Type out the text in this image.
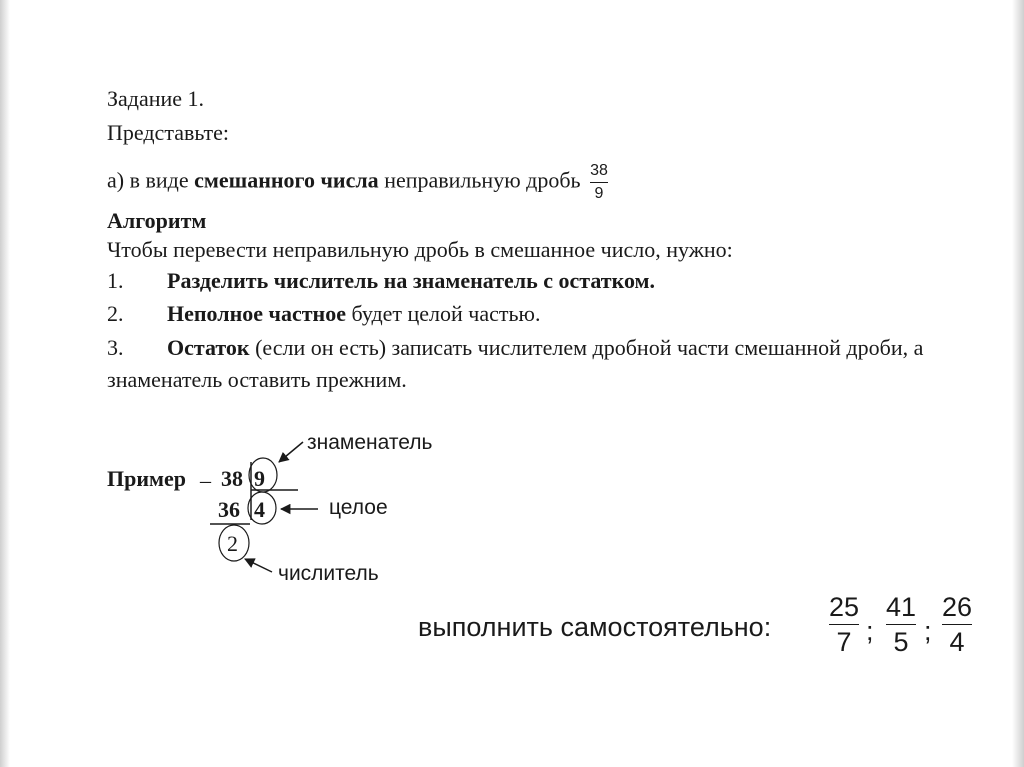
Задание 1.
Представьте:
а) в виде смешанного числа неправильную дробь $\frac{38}{9}$
Алгоритм
Чтобы перевести неправильную дробь в смешанное число, нужно:
1. Разделить числитель на знаменатель с остатком.
2. Неполное частное будет целой частью.
3. Остаток (если он есть) записать числителем дробной части смешанной дроби, а
знаменатель оставить прежним.
Пример _ 38 9
36 4
2
знаменатель
целое
числитель
выполнить самостоятельно:
25
7 ;
41
5 ;
26
4
